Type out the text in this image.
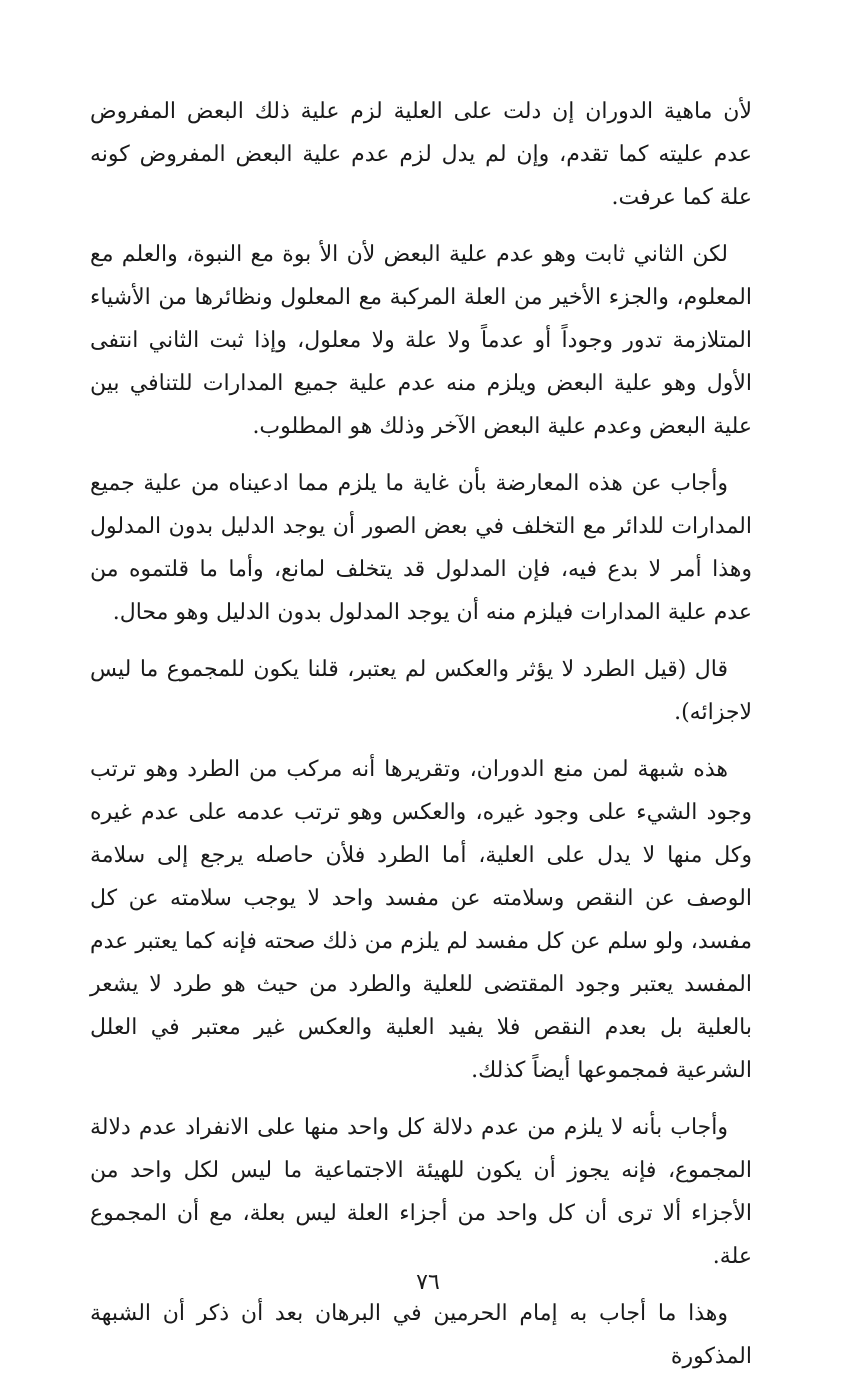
لأن ماهية الدوران إن دلت على العلية لزم علية ذلك البعض المفروض عدم عليته كما تقدم، وإن لم يدل لزم عدم علية البعض المفروض كونه علة كما عرفت.

لكن الثاني ثابت وهو عدم علية البعض لأن الأ بوة مع النبوة، والعلم مع المعلوم، والجزء الأخير من العلة المركبة مع المعلول ونظائرها من الأشياء المتلازمة تدور وجوداً أو عدماً ولا علة ولا معلول، وإذا ثبت الثاني انتفى الأول وهو علية البعض ويلزم منه عدم علية جميع المدارات للتنافي بين علية البعض وعدم علية البعض الآخر وذلك هو المطلوب.

وأجاب عن هذه المعارضة بأن غاية ما يلزم مما ادعيناه من علية جميع المدارات للدائر مع التخلف في بعض الصور أن يوجد الدليل بدون المدلول وهذا أمر لا بدع فيه، فإن المدلول قد يتخلف لمانع، وأما ما قلتموه من عدم علية المدارات فيلزم منه أن يوجد المدلول بدون الدليل وهو محال.

قال (قيل الطرد لا يؤثر والعكس لم يعتبر، قلنا يكون للمجموع ما ليس لاجزائه).

هذه شبهة لمن منع الدوران، وتقريرها أنه مركب من الطرد وهو ترتب وجود الشيء على وجود غيره، والعكس وهو ترتب عدمه على عدم غيره وكل منها لا يدل على العلية، أما الطرد فلأن حاصله يرجع إلى سلامة الوصف عن النقص وسلامته عن مفسد واحد لا يوجب سلامته عن كل مفسد، ولو سلم عن كل مفسد لم يلزم من ذلك صحته فإنه كما يعتبر عدم المفسد يعتبر وجود المقتضى للعلية والطرد من حيث هو طرد لا يشعر بالعلية بل بعدم النقص فلا يفيد العلية والعكس غير معتبر في العلل الشرعية فمجموعها أيضاً كذلك.

وأجاب بأنه لا يلزم من عدم دلالة كل واحد منها على الانفراد عدم دلالة المجموع، فإنه يجوز أن يكون للهيئة الاجتماعية ما ليس لكل واحد من الأجزاء ألا ترى أن كل واحد من أجزاء العلة ليس بعلة، مع أن المجموع علة.

وهذا ما أجاب به إمام الحرمين في البرهان بعد أن ذكر أن الشبهة المذكورة

٧٦
